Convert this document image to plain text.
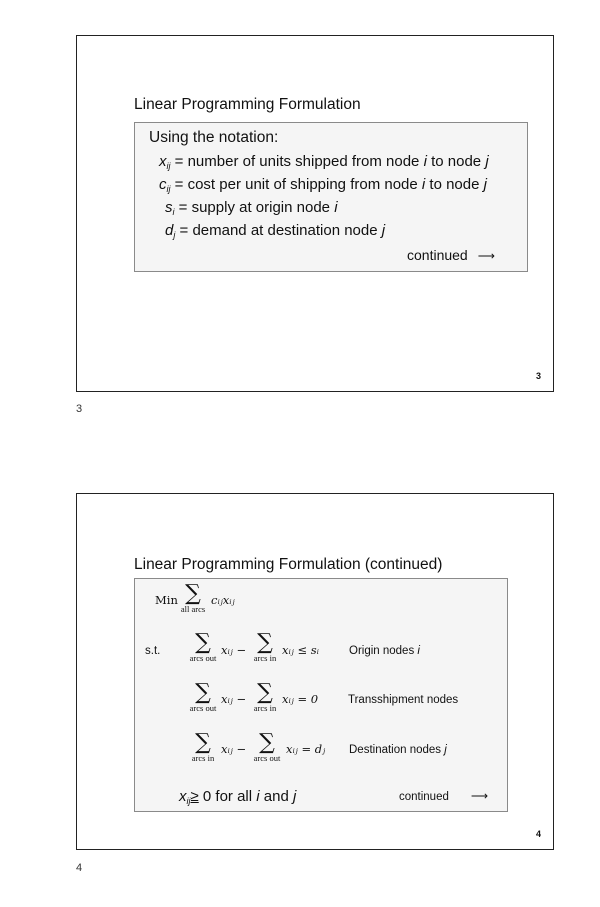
Linear Programming Formulation
Using the notation:
$x_{ij}$ = number of units shipped from node i to node j
$c_{ij} = \cos t$ per unit of shipping from node i to node j
$s_i$ = supply at origin node i
$d_j$ = demand at destination node j
continued ⟶
3
3
Linear Programming Formulation (continued)
Min ∑
all arcs
cᵢⱼxᵢⱼ
s.t.	∑
arcs out
xᵢⱼ − ∑
arcs in
xᵢⱼ ≤ sᵢ	Origin nodes i
∑
arcs out
xᵢⱼ − ∑
arcs in
xᵢⱼ = 0	Transshipment nodes
∑
arcs in
xᵢⱼ − ∑
arcs out
xᵢⱼ = dⱼ Destination nodes j
$x_{ij}\ge 0$ for all i and j	continued ⟶
4
4
